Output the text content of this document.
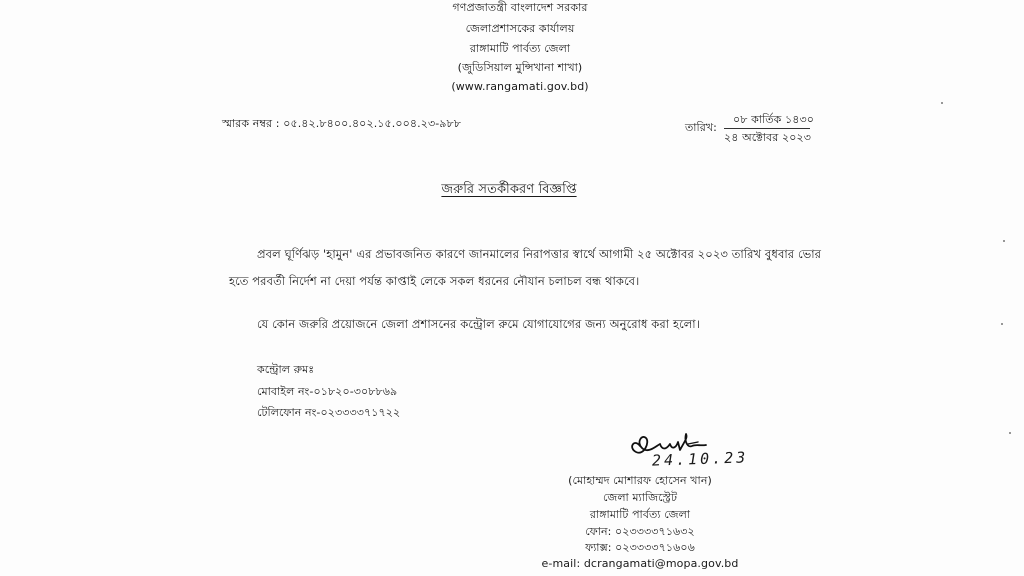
গণপ্রজাতন্ত্রী বাংলাদেশ সরকার
জেলাপ্রশাসকের কার্যালয়
রাঙ্গামাটি পার্বত্য জেলা
(জুডিসিয়াল মুন্সিখানা শাখা)
(www.rangamati.gov.bd)
স্মারক নম্বর : ০৫.৪২.৮৪০০.৪০২.১৫.০০৪.২৩-৯৮৮	তারিখ:
০৮ কার্তিক ১৪৩০
২৪ অক্টোবর ২০২৩
জরুরি সতর্কীকরণ বিজ্ঞপ্তি
প্রবল ঘূর্ণিঝড় 'হামুন' এর প্রভাবজনিত কারণে জানমালের নিরাপত্তার স্বার্থে আগামী ২৫ অক্টোবর ২০২৩ তারিখ বুধবার ভোর
হতে পরবর্তী নির্দেশ না দেয়া পর্যন্ত কাপ্তাই লেকে সকল ধরনের নৌযান চলাচল বন্ধ থাকবে।
যে কোন জরুরি প্রয়োজনে জেলা প্রশাসনের কন্ট্রোল রুমে যোগাযোগের জন্য অনুরোধ করা হলো।
কন্ট্রোল রুমঃ
মোবাইল নং-০১৮২০-৩০৮৮৬৯
টেলিফোন নং-০২৩৩৩৩৭১৭২২
24.10.23
(মোহাম্মদ মোশারফ হোসেন খান)
জেলা ম্যাজিস্ট্রেট
রাঙ্গামাটি পার্বত্য জেলা
ফোন: ০২৩৩৩৩৭১৬৩২
ফ্যাক্স: ০২৩৩৩৩৭১৬০৬
e-mail: dcrangamati@mopa.gov.bd
